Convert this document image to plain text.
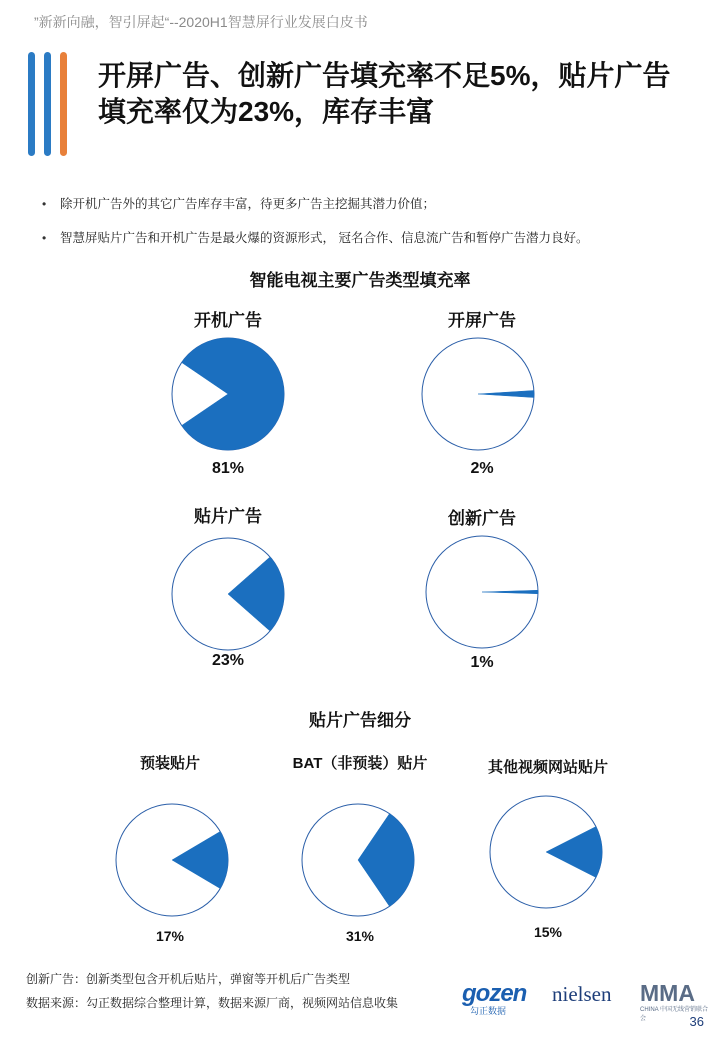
”新新向融，智引屏起“--2020H1智慧屏行业发展白皮书
开屏广告、创新广告填充率不足5%，贴片广告填充率仅为23%，库存丰富
• 除开机广告外的其它广告库存丰富，待更多广告主挖掘其潜力价值；
• 智慧屏贴片广告和开机广告是最火爆的资源形式， 冠名合作、信息流广告和暂停广告潜力良好。
智能电视主要广告类型填充率
开机广告
81%
开屏广告
2%
贴片广告
23%
创新广告
1%
贴片广告细分
预装贴片
17%
BAT（非预装）贴片
31%
其他视频网站贴片
15%
创新广告：创新类型包含开机后贴片，弹窗等开机后广告类型
数据来源：勾正数据综合整理计算，数据来源厂商，视频网站信息收集	gozen
勾正数据
nielsen MMA
CHINA 中国无线营销联合会	36
